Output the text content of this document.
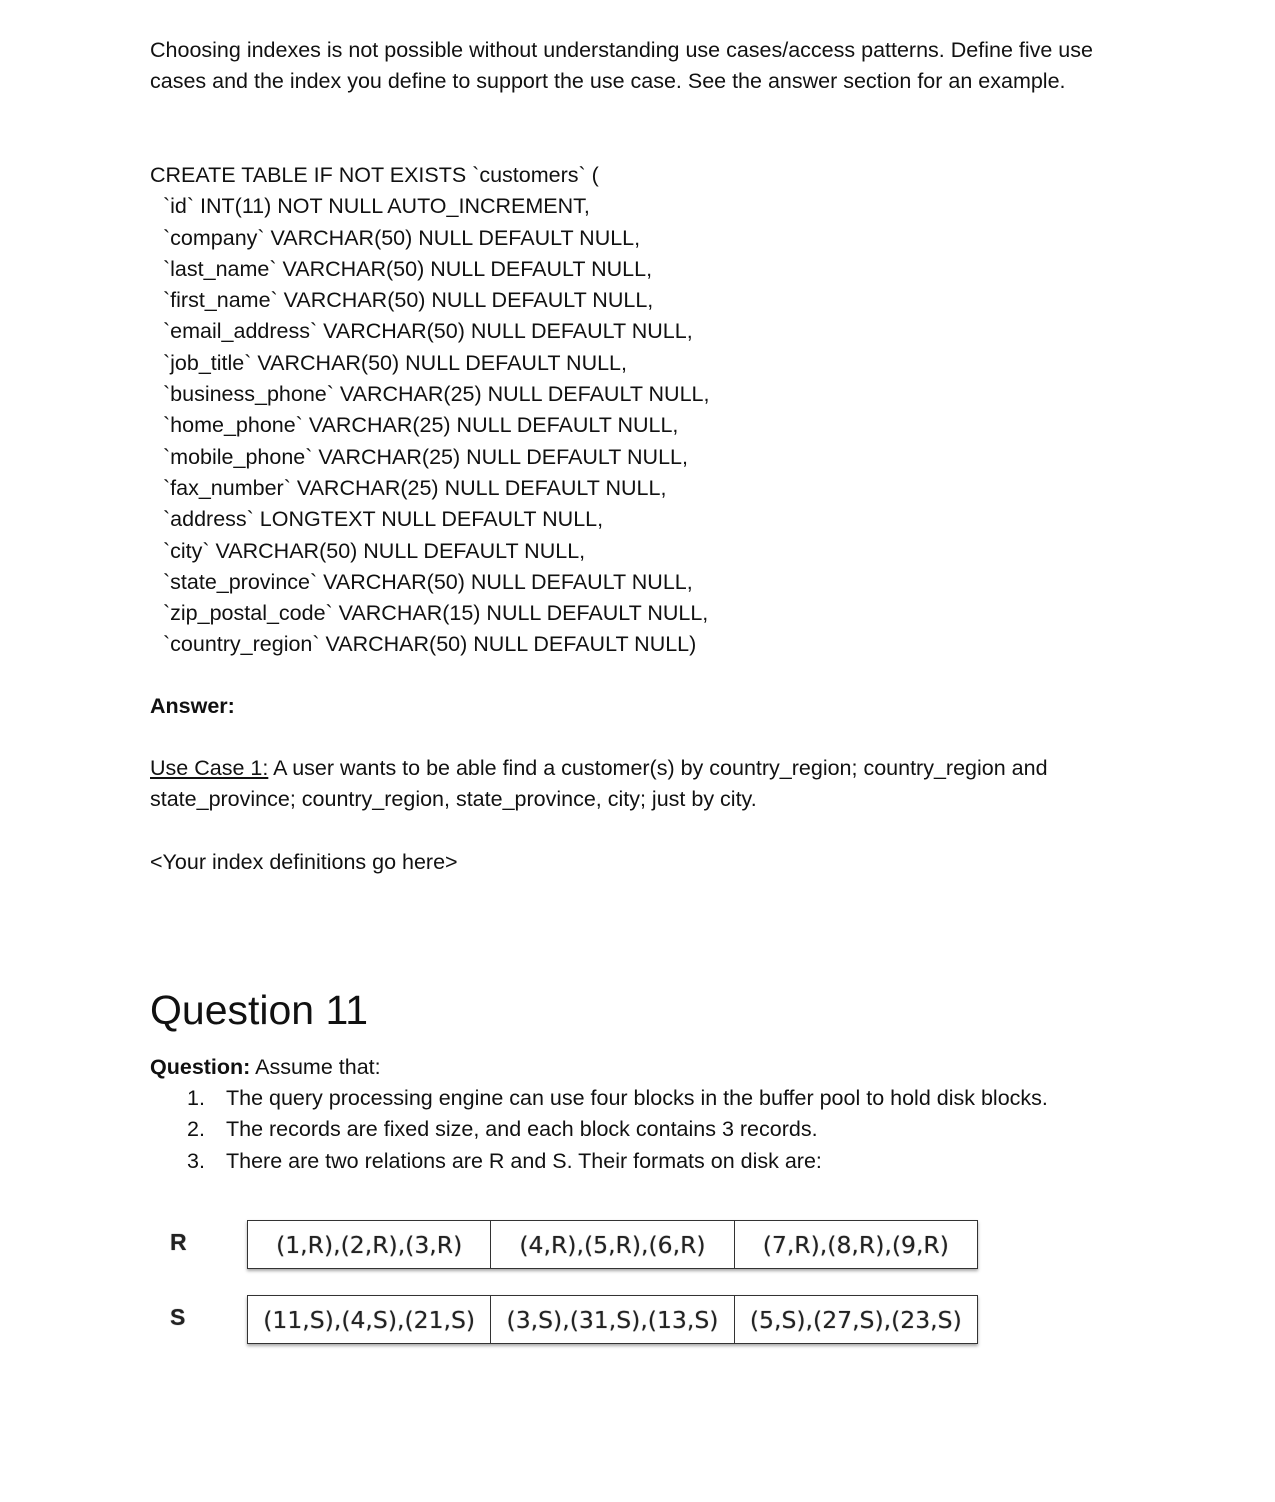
Choosing indexes is not possible without understanding use cases/access patterns. Define five use cases and the index you define to support the use case. See the answer section for an example.

CREATE TABLE IF NOT EXISTS `customers` (
`id` INT(11) NOT NULL AUTO_INCREMENT,
`company` VARCHAR(50) NULL DEFAULT NULL,
`last_name` VARCHAR(50) NULL DEFAULT NULL,
`first_name` VARCHAR(50) NULL DEFAULT NULL,
`email_address` VARCHAR(50) NULL DEFAULT NULL,
`job_title` VARCHAR(50) NULL DEFAULT NULL,
`business_phone` VARCHAR(25) NULL DEFAULT NULL,
`home_phone` VARCHAR(25) NULL DEFAULT NULL,
`mobile_phone` VARCHAR(25) NULL DEFAULT NULL,
`fax_number` VARCHAR(25) NULL DEFAULT NULL,
`address` LONGTEXT NULL DEFAULT NULL,
`city` VARCHAR(50) NULL DEFAULT NULL,
`state_province` VARCHAR(50) NULL DEFAULT NULL,
`zip_postal_code` VARCHAR(15) NULL DEFAULT NULL,
`country_region` VARCHAR(50) NULL DEFAULT NULL)
Answer:

Use Case 1: A user wants to be able find a customer(s) by country_region; country_region and state_province; country_region, state_province, city; just by city.

<Your index definitions go here>

Question 11

Question: Assume that:

1. The query processing engine can use four blocks in the buffer pool to hold disk blocks.
2. The records are fixed size, and each block contains 3 records.
3. There are two relations are R and S. Their formats on disk are:
R	(1,R),(2,R),(3,R)	(4,R),(5,R),(6,R)	(7,R),(8,R),(9,R)
S	(11,S),(4,S),(21,S)	(3,S),(31,S),(13,S)	(5,S),(27,S),(23,S)
